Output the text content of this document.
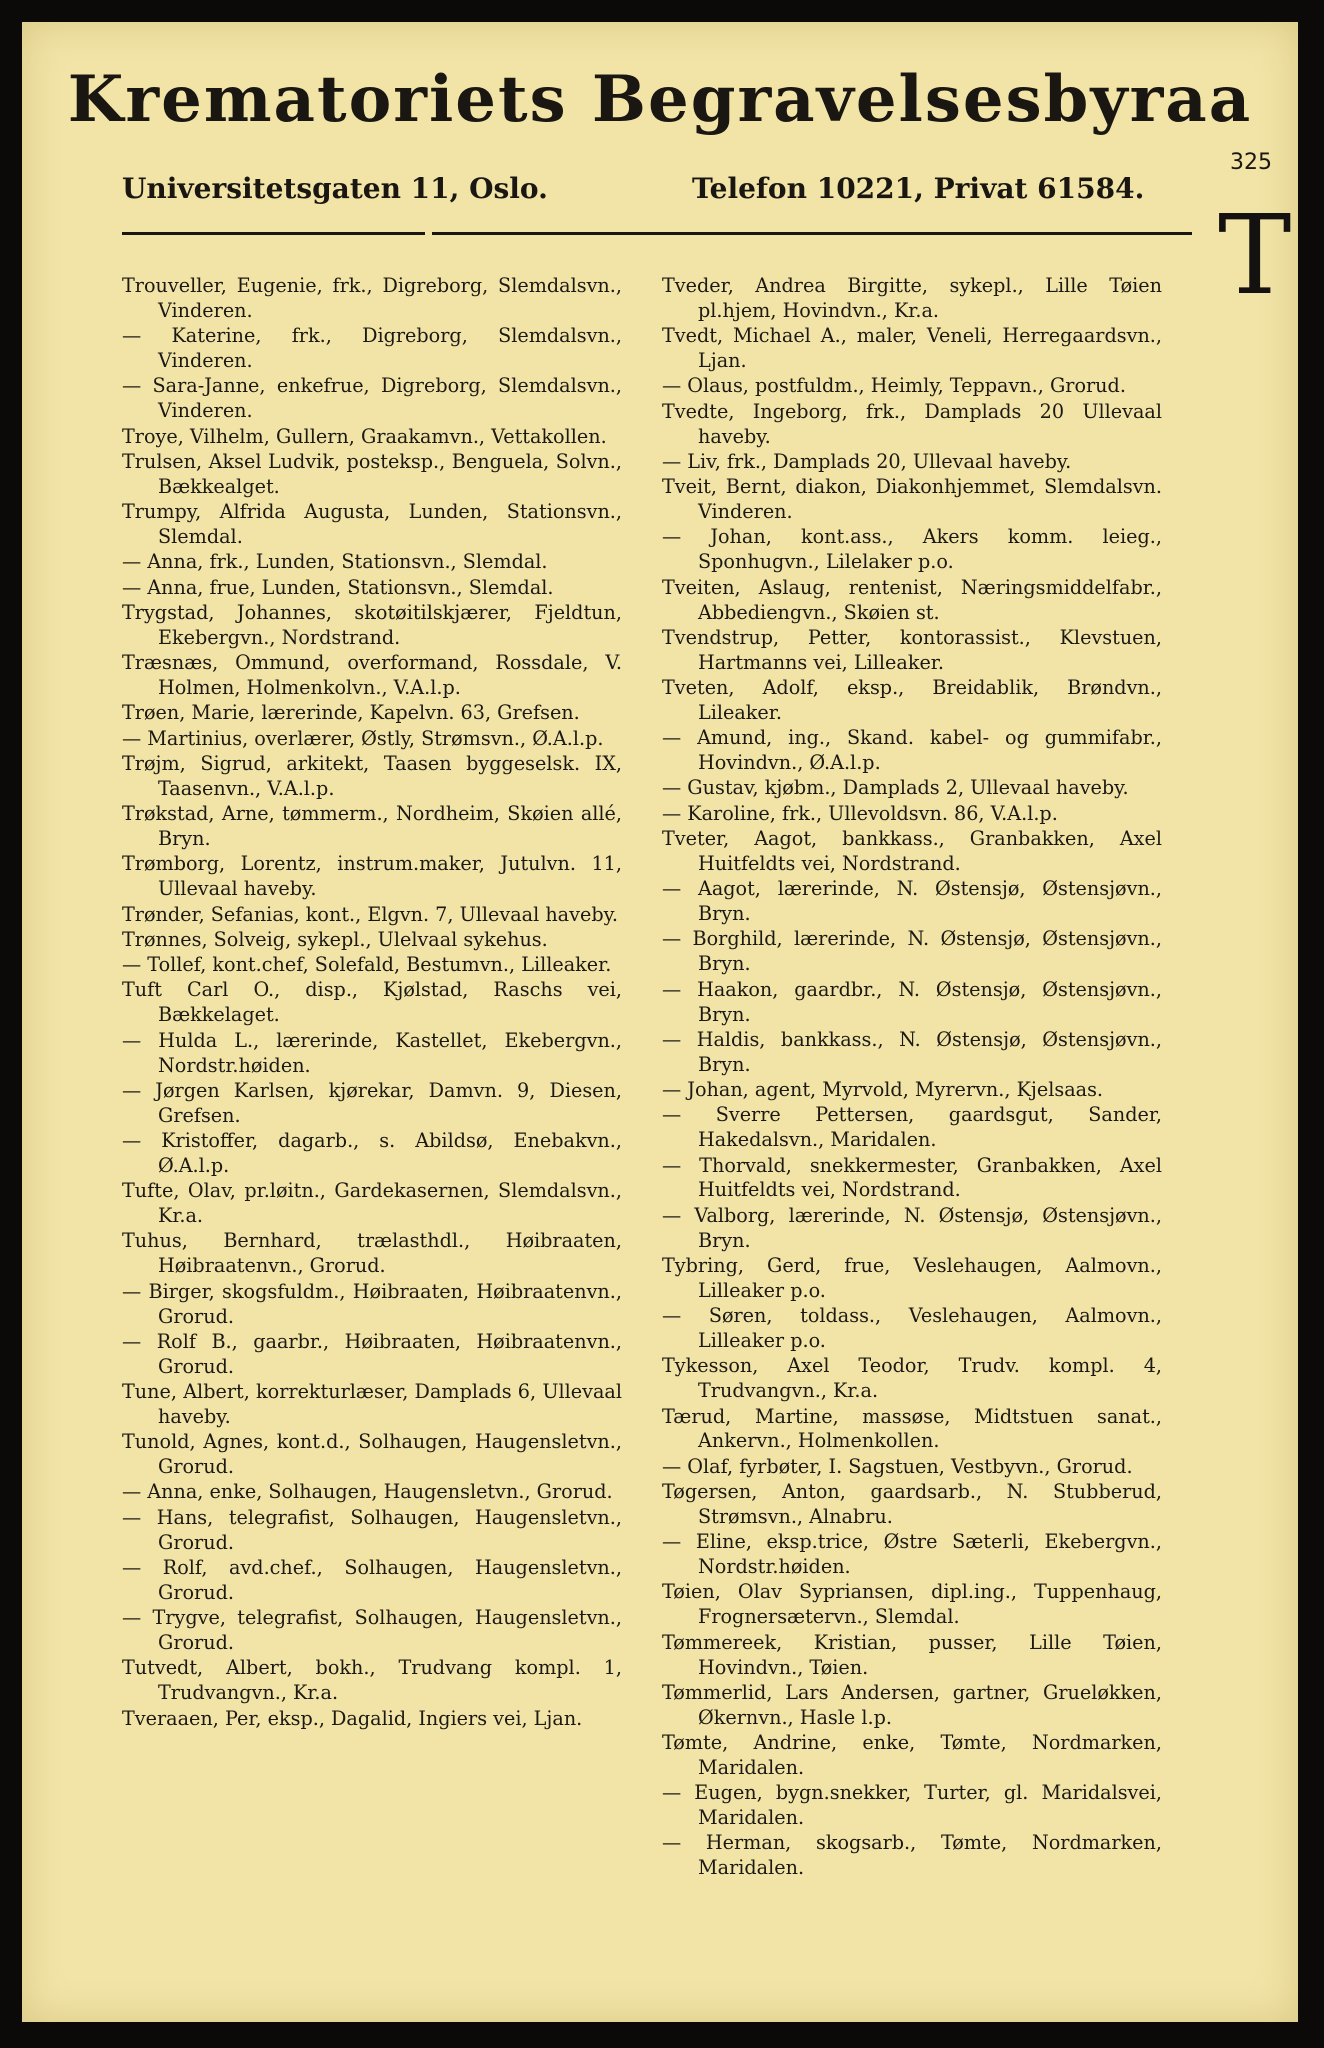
Krematoriets Begravelsesbyraa
Universitetsgaten 11, Oslo.	Telefon 10221, Privat 61584.
325
T
Trouveller, Eugenie, frk., Digreborg, Slemdalsvn., Vinderen.
— Katerine, frk., Digreborg, Slemdalsvn., Vinderen.
— Sara-Janne, enkefrue, Digreborg, Slemdalsvn., Vinderen.
Troye, Vilhelm, Gullern, Graakamvn., Vettakollen.
Trulsen, Aksel Ludvik, posteksp., Benguela, Solvn., Bækkealget.
Trumpy, Alfrida Augusta, Lunden, Stationsvn., Slemdal.
— Anna, frk., Lunden, Stationsvn., Slemdal.
— Anna, frue, Lunden, Stationsvn., Slemdal.
Trygstad, Johannes, skotøitilskjærer, Fjeldtun, Ekebergvn., Nordstrand.
Træsnæs, Ommund, overformand, Rossdale, V. Holmen, Holmenkolvn., V.A.l.p.
Trøen, Marie, lærerinde, Kapelvn. 63, Grefsen.
— Martinius, overlærer, Østly, Strømsvn., Ø.A.l.p.
Trøjm, Sigrud, arkitekt, Taasen byggeselsk. IX, Taasenvn., V.A.l.p.
Trøkstad, Arne, tømmerm., Nordheim, Skøien allé, Bryn.
Trømborg, Lorentz, instrum.maker, Jutulvn. 11, Ullevaal haveby.
Trønder, Sefanias, kont., Elgvn. 7, Ullevaal haveby.
Trønnes, Solveig, sykepl., Ulelvaal sykehus.
— Tollef, kont.chef, Solefald, Bestumvn., Lilleaker.
Tuft Carl O., disp., Kjølstad, Raschs vei, Bækkelaget.
— Hulda L., lærerinde, Kastellet, Ekebergvn., Nordstr.høiden.
— Jørgen Karlsen, kjørekar, Damvn. 9, Diesen, Grefsen.
— Kristoffer, dagarb., s. Abildsø, Enebakvn., Ø.A.l.p.
Tufte, Olav, pr.løitn., Gardekasernen, Slemdalsvn., Kr.a.
Tuhus, Bernhard, trælasthdl., Høibraaten, Høibraatenvn., Grorud.
— Birger, skogsfuldm., Høibraaten, Høibraatenvn., Grorud.
— Rolf B., gaarbr., Høibraaten, Høibraatenvn., Grorud.
Tune, Albert, korrekturlæser, Damplads 6, Ullevaal haveby.
Tunold, Agnes, kont.d., Solhaugen, Haugensletvn., Grorud.
— Anna, enke, Solhaugen, Haugensletvn., Grorud.
— Hans, telegrafist, Solhaugen, Haugensletvn., Grorud.
— Rolf, avd.chef., Solhaugen, Haugensletvn., Grorud.
— Trygve, telegrafist, Solhaugen, Haugensletvn., Grorud.
Tutvedt, Albert, bokh., Trudvang kompl. 1, Trudvangvn., Kr.a.
Tveraaen, Per, eksp., Dagalid, Ingiers vei, Ljan.
Tveder, Andrea Birgitte, sykepl., Lille Tøien pl.hjem, Hovindvn., Kr.a.
Tvedt, Michael A., maler, Veneli, Herregaardsvn., Ljan.
— Olaus, postfuldm., Heimly, Teppavn., Grorud.
Tvedte, Ingeborg, frk., Damplads 20 Ullevaal haveby.
— Liv, frk., Damplads 20, Ullevaal haveby.
Tveit, Bernt, diakon, Diakonhjemmet, Slemdalsvn. Vinderen.
— Johan, kont.ass., Akers komm. leieg., Sponhugvn., Lilelaker p.o.
Tveiten, Aslaug, rentenist, Næringsmiddelfabr., Abbediengvn., Skøien st.
Tvendstrup, Petter, kontorassist., Klevstuen, Hartmanns vei, Lilleaker.
Tveten, Adolf, eksp., Breidablik, Brøndvn., Lileaker.
— Amund, ing., Skand. kabel- og gummifabr., Hovindvn., Ø.A.l.p.
— Gustav, kjøbm., Damplads 2, Ullevaal haveby.
— Karoline, frk., Ullevoldsvn. 86, V.A.l.p.
Tveter, Aagot, bankkass., Granbakken, Axel Huitfeldts vei, Nordstrand.
— Aagot, lærerinde, N. Østensjø, Østensjøvn., Bryn.
— Borghild, lærerinde, N. Østensjø, Østensjøvn., Bryn.
— Haakon, gaardbr., N. Østensjø, Østensjøvn., Bryn.
— Haldis, bankkass., N. Østensjø, Østensjøvn., Bryn.
— Johan, agent, Myrvold, Myrervn., Kjelsaas.
— Sverre Pettersen, gaardsgut, Sander, Hakedalsvn., Maridalen.
— Thorvald, snekkermester, Granbakken, Axel Huitfeldts vei, Nordstrand.
— Valborg, lærerinde, N. Østensjø, Østensjøvn., Bryn.
Tybring, Gerd, frue, Veslehaugen, Aalmovn., Lilleaker p.o.
— Søren, toldass., Veslehaugen, Aalmovn., Lilleaker p.o.
Tykesson, Axel Teodor, Trudv. kompl. 4, Trudvangvn., Kr.a.
Tærud, Martine, massøse, Midtstuen sanat., Ankervn., Holmenkollen.
— Olaf, fyrbøter, I. Sagstuen, Vestbyvn., Grorud.
Tøgersen, Anton, gaardsarb., N. Stubberud, Strømsvn., Alnabru.
— Eline, eksp.trice, Østre Sæterli, Ekebergvn., Nordstr.høiden.
Tøien, Olav Sypriansen, dipl.ing., Tuppenhaug, Frognersætervn., Slemdal.
Tømmereek, Kristian, pusser, Lille Tøien, Hovindvn., Tøien.
Tømmerlid, Lars Andersen, gartner, Grueløkken, Økernvn., Hasle l.p.
Tømte, Andrine, enke, Tømte, Nordmarken, Maridalen.
— Eugen, bygn.snekker, Turter, gl. Maridalsvei, Maridalen.
— Herman, skogsarb., Tømte, Nordmarken, Maridalen.
